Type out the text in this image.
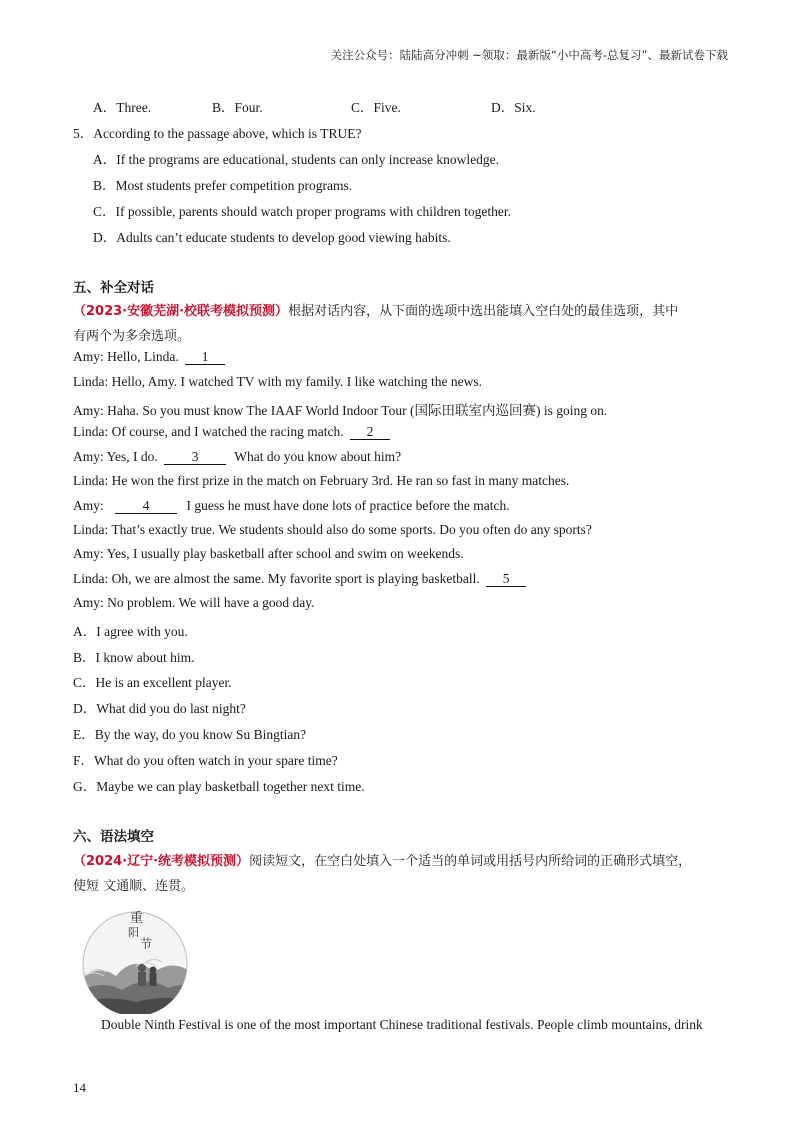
关注公众号：陆陆高分冲刺 ~领取：最新版“小中高考-总复习”、最新试卷下载
A．Three.	B．Four.	C．Five.	D．Six.
5．According to the passage above, which is TRUE?
A．If the programs are educational, students can only increase knowledge.
B．Most students prefer competition programs.
C．If possible, parents should watch proper programs with children together.
D．Adults can’t educate students to develop good viewing habits.
五、补全对话
（2023·安徽芜湖·校联考模拟预测）根据对话内容，从下面的选项中选出能填入空白处的最佳选项，其中
有两个为多余选项。
Amy: Hello, Linda. 1
Linda: Hello, Amy. I watched TV with my family. I like watching the news.
Amy: Haha. So you must know The IAAF World Indoor Tour (国际田联室内巡回赛) is going on.
Linda: Of course, and I watched the racing match. 2
Amy: Yes, I do.	3	What do you know about him?
Linda: He won the first prize in the match on February 3rd. He ran so fast in many matches.
Amy:	4	I guess he must have done lots of practice before the match.
Linda: That’s exactly true. We students should also do some sports. Do you often do any sports?
Amy: Yes, I usually play basketball after school and swim on weekends.
Linda: Oh, we are almost the same. My favorite sport is playing basketball. 5
Amy: No problem. We will have a good day.
A．I agree with you.
B．I know about him.
C．He is an excellent player.
D．What did you do last night?
E．By the way, do you know Su Bingtian?
F．What do you often watch in your spare time?
G．Maybe we can play basketball together next time.
六、语法填空
（2024·辽宁·统考模拟预测）阅读短文，在空白处填入一个适当的单词或用括号内所给词的正确形式填空，
使短 文通顺、连贯。
重
阳
节
Double Ninth Festival is one of the most important Chinese traditional festivals. People climb mountains, drink
14
